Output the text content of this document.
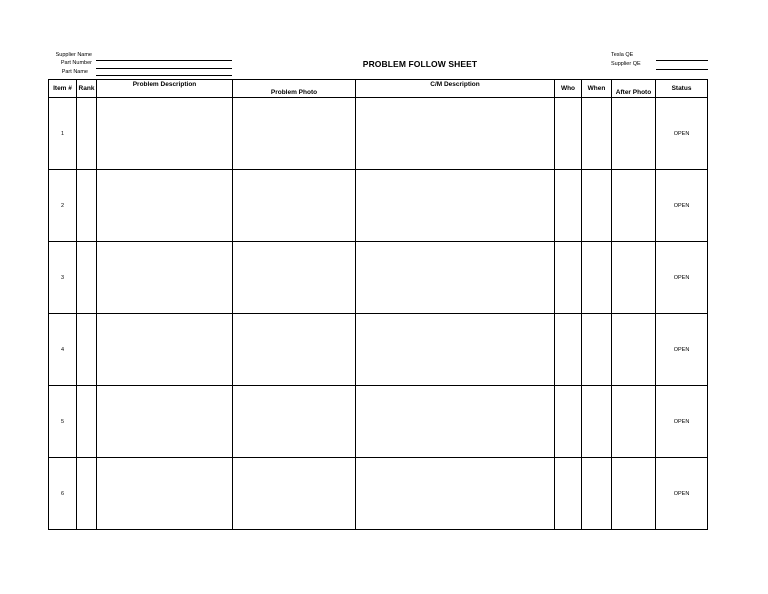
Supplier Name
Part Number
Part Name
PROBLEM FOLLOW SHEET
Tesla QE
Supplier QE
Item #	Rank	Problem Description	Problem Photo	C/M Description	Who	When	After Photo	Status
1								OPEN
2								OPEN
3								OPEN
4								OPEN
5								OPEN
6								OPEN
